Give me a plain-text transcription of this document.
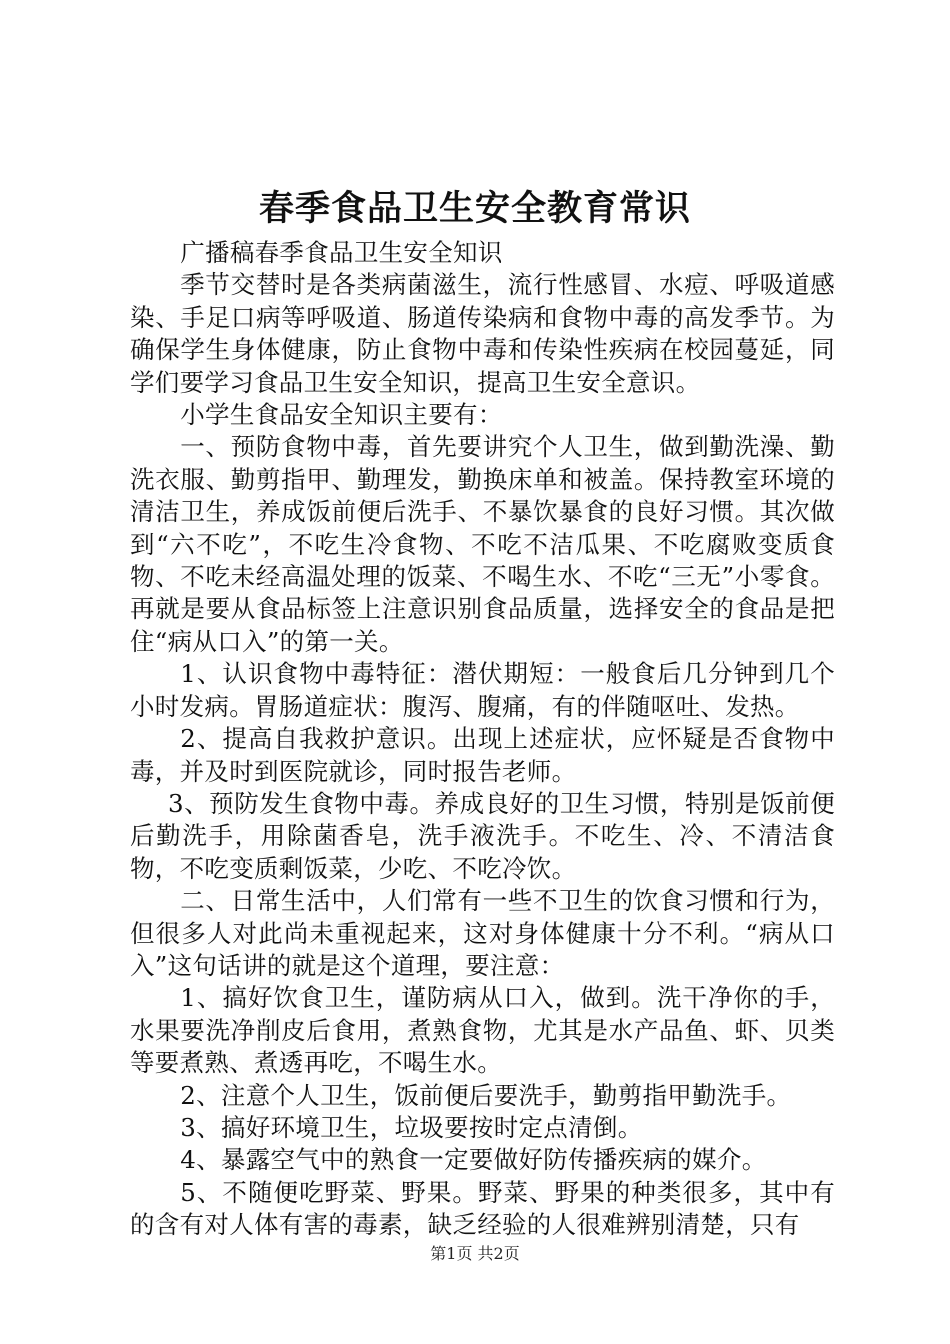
春季食品卫生安全教育常识

广播稿春季食品卫生安全知识

季节交替时是各类病菌滋生，流行性感冒、水痘、呼吸道感染、手足口病等呼吸道、肠道传染病和食物中毒的高发季节。为确保学生身体健康，防止食物中毒和传染性疾病在校园蔓延，同学们要学习食品卫生安全知识，提高卫生安全意识。

小学生食品安全知识主要有：

一、预防食物中毒，首先要讲究个人卫生，做到勤洗澡、勤洗衣服、勤剪指甲、勤理发，勤换床单和被盖。保持教室环境的清洁卫生，养成饭前便后洗手、不暴饮暴食的良好习惯。其次做到“六不吃”，不吃生冷食物、不吃不洁瓜果、不吃腐败变质食物、不吃未经高温处理的饭菜、不喝生水、不吃“三无”小零食。再就是要从食品标签上注意识别食品质量，选择安全的食品是把住“病从口入”的第一关。

1、认识食物中毒特征：潜伏期短：一般食后几分钟到几个小时发病。胃肠道症状：腹泻、腹痛，有的伴随呕吐、发热。

2、提高自我救护意识。出现上述症状，应怀疑是否食物中毒，并及时到医院就诊，同时报告老师。

3、预防发生食物中毒。养成良好的卫生习惯，特别是饭前便后勤洗手，用除菌香皂，洗手液洗手。不吃生、冷、不清洁食物，不吃变质剩饭菜，少吃、不吃冷饮。

二、日常生活中，人们常有一些不卫生的饮食习惯和行为，但很多人对此尚未重视起来，这对身体健康十分不利。“病从口入”这句话讲的就是这个道理，要注意：

1、搞好饮食卫生，谨防病从口入，做到。洗干净你的手，水果要洗净削皮后食用，煮熟食物，尤其是水产品鱼、虾、贝类等要煮熟、煮透再吃，不喝生水。

2、注意个人卫生，饭前便后要洗手，勤剪指甲勤洗手。

3、搞好环境卫生，垃圾要按时定点清倒。

4、暴露空气中的熟食一定要做好防传播疾病的媒介。

5、不随便吃野菜、野果。野菜、野果的种类很多，其中有的含有对人体有害的毒素，缺乏经验的人很难辨别清楚，只有

第1页 共2页
